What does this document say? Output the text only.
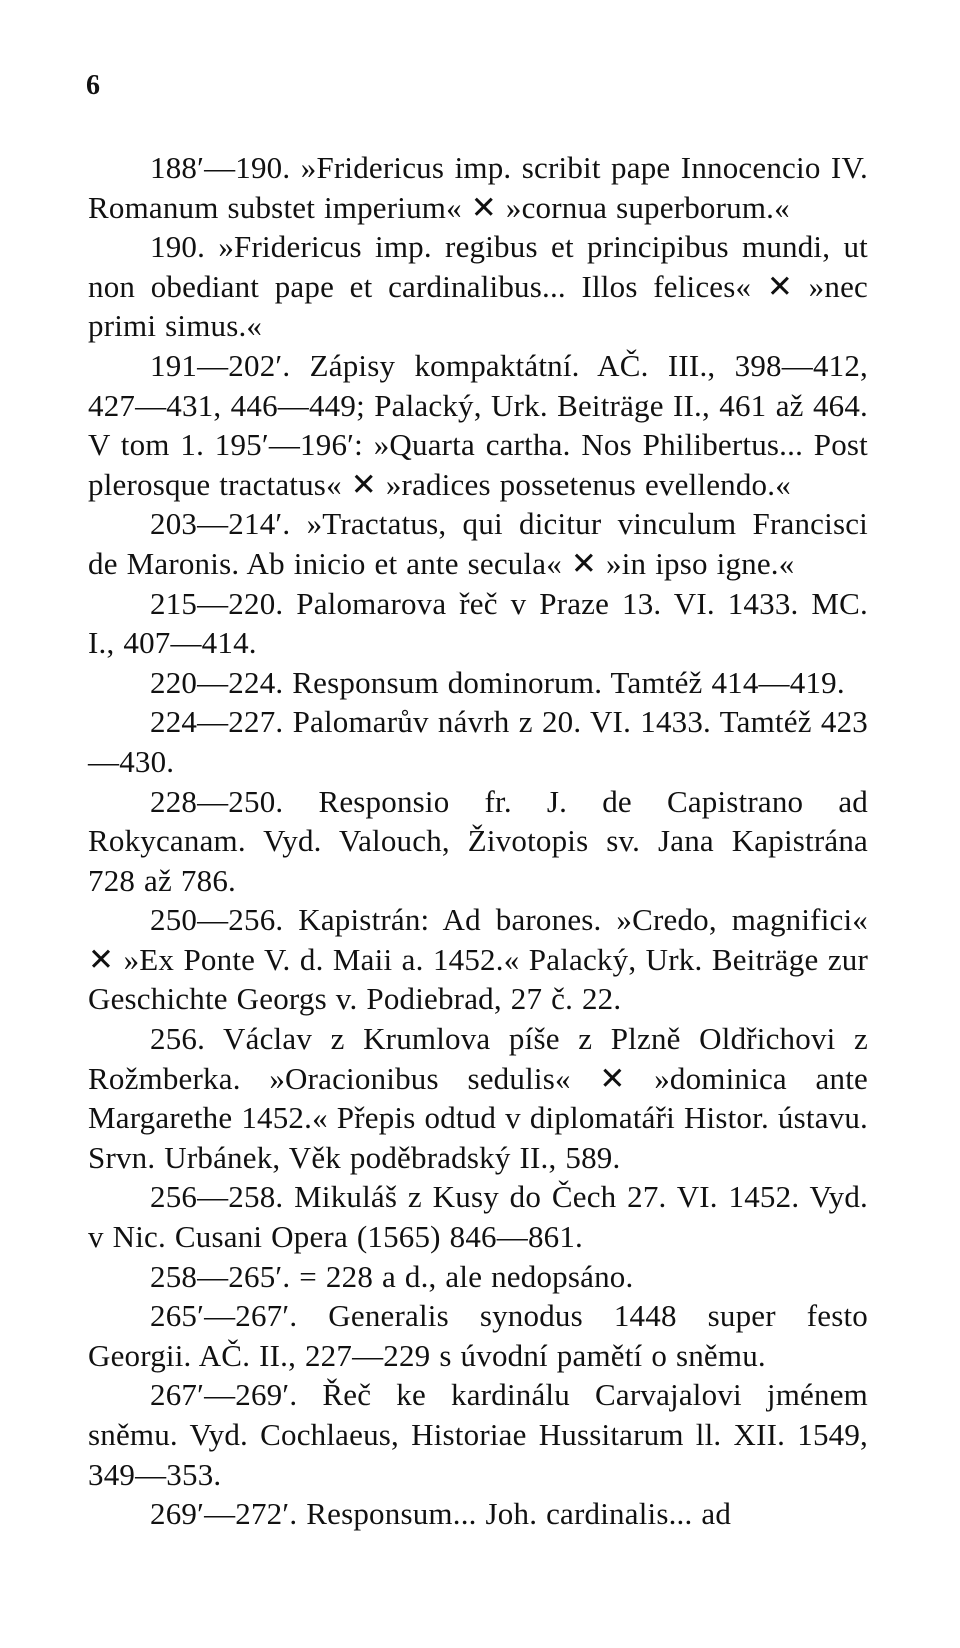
6

188′—190. »Fridericus imp. scribit pape Innocencio IV. Romanum substet imperium« ✕ »cornua superborum.«

190. »Fridericus imp. regibus et principibus mundi, ut non obediant pape et cardinalibus... Illos felices« ✕ »nec primi simus.«

191—202′. Zápisy kompaktátní. AČ. III., 398—412, 427—431, 446—449; Palacký, Urk. Beiträge II., 461 až 464. V tom 1. 195′—196′: »Quarta cartha. Nos Philibertus... Post plerosque tractatus« ✕ »radices possetenus evellendo.«

203—214′. »Tractatus, qui dicitur vinculum Francisci de Maronis. Ab inicio et ante secula« ✕ »in ipso igne.«

215—220. Palomarova řeč v Praze 13. VI. 1433. MC. I., 407—414.

220—224. Responsum dominorum. Tamtéž 414—419.

224—227. Palomarův návrh z 20. VI. 1433. Tamtéž 423—430.

228—250. Responsio fr. J. de Capistrano ad Rokycanam. Vyd. Valouch, Životopis sv. Jana Kapistrána 728 až 786.

250—256. Kapistrán: Ad barones. »Credo, magnifici« ✕ »Ex Ponte V. d. Maii a. 1452.« Palacký, Urk. Beiträge zur Geschichte Georgs v. Podiebrad, 27 č. 22.

256. Václav z Krumlova píše z Plzně Oldřichovi z Rožmberka. »Oracionibus sedulis« ✕ »dominica ante Margarethe 1452.« Přepis odtud v diplomatáři Histor. ústavu. Srvn. Urbánek, Věk poděbradský II., 589.

256—258. Mikuláš z Kusy do Čech 27. VI. 1452. Vyd. v Nic. Cusani Opera (1565) 846—861.

258—265′. = 228 a d., ale nedopsáno.

265′—267′. Generalis synodus 1448 super festo Georgii. AČ. II., 227—229 s úvodní pamětí o sněmu.

267′—269′. Řeč ke kardinálu Carvajalovi jménem sněmu. Vyd. Cochlaeus, Historiae Hussitarum ll. XII. 1549, 349—353.

269′—272′. Responsum... Joh. cardinalis... ad
